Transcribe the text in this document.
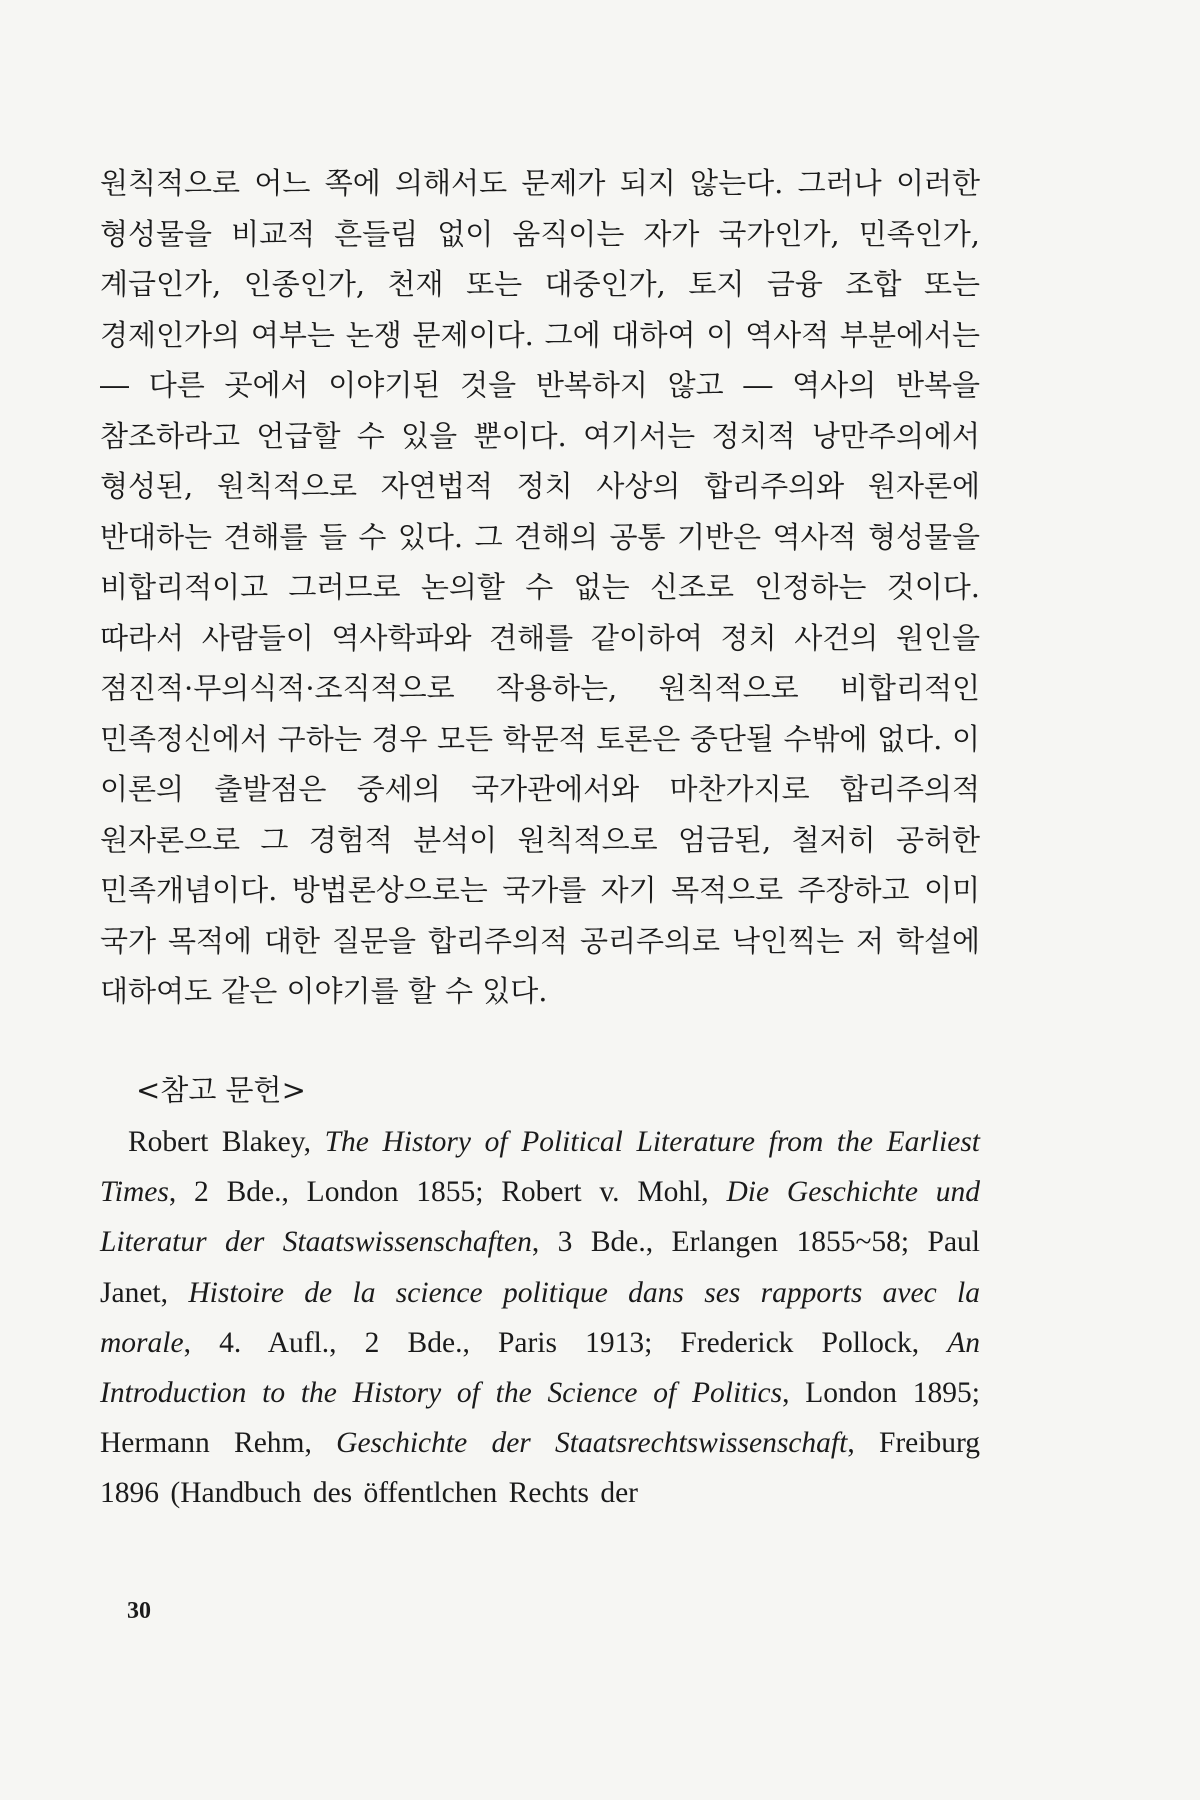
원칙적으로 어느 쪽에 의해서도 문제가 되지 않는다. 그러나 이러한 형성물을 비교적 흔들림 없이 움직이는 자가 국가인가, 민족인가, 계급인가, 인종인가, 천재 또는 대중인가, 토지 금융 조합 또는 경제인가의 여부는 논쟁 문제이다. 그에 대하여 이 역사적 부분에서는 ― 다른 곳에서 이야기된 것을 반복하지 않고 ― 역사의 반복을 참조하라고 언급할 수 있을 뿐이다. 여기서는 정치적 낭만주의에서 형성된, 원칙적으로 자연법적 정치 사상의 합리주의와 원자론에 반대하는 견해를 들 수 있다. 그 견해의 공통 기반은 역사적 형성물을 비합리적이고 그러므로 논의할 수 없는 신조로 인정하는 것이다. 따라서 사람들이 역사학파와 견해를 같이하여 정치 사건의 원인을 점진적·무의식적·조직적으로 작용하는, 원칙적으로 비합리적인 민족정신에서 구하는 경우 모든 학문적 토론은 중단될 수밖에 없다. 이 이론의 출발점은 중세의 국가관에서와 마찬가지로 합리주의적 원자론으로 그 경험적 분석이 원칙적으로 엄금된, 철저히 공허한 민족개념이다. 방법론상으로는 국가를 자기 목적으로 주장하고 이미 국가 목적에 대한 질문을 합리주의적 공리주의로 낙인찍는 저 학설에 대하여도 같은 이야기를 할 수 있다.

<참고 문헌>

Robert Blakey, The History of Political Literature from the Earliest Times, 2 Bde., London 1855; Robert v. Mohl, Die Geschichte und Literatur der Staatswissenschaften, 3 Bde., Erlangen 1855~58; Paul Janet, Histoire de la science politique dans ses rapports avec la morale, 4. Aufl., 2 Bde., Paris 1913; Frederick Pollock, An Introduction to the History of the Science of Politics, London 1895; Hermann Rehm, Geschichte der Staatsrechtswissenschaft, Freiburg 1896 (Handbuch des öffentlchen Rechts der

30
